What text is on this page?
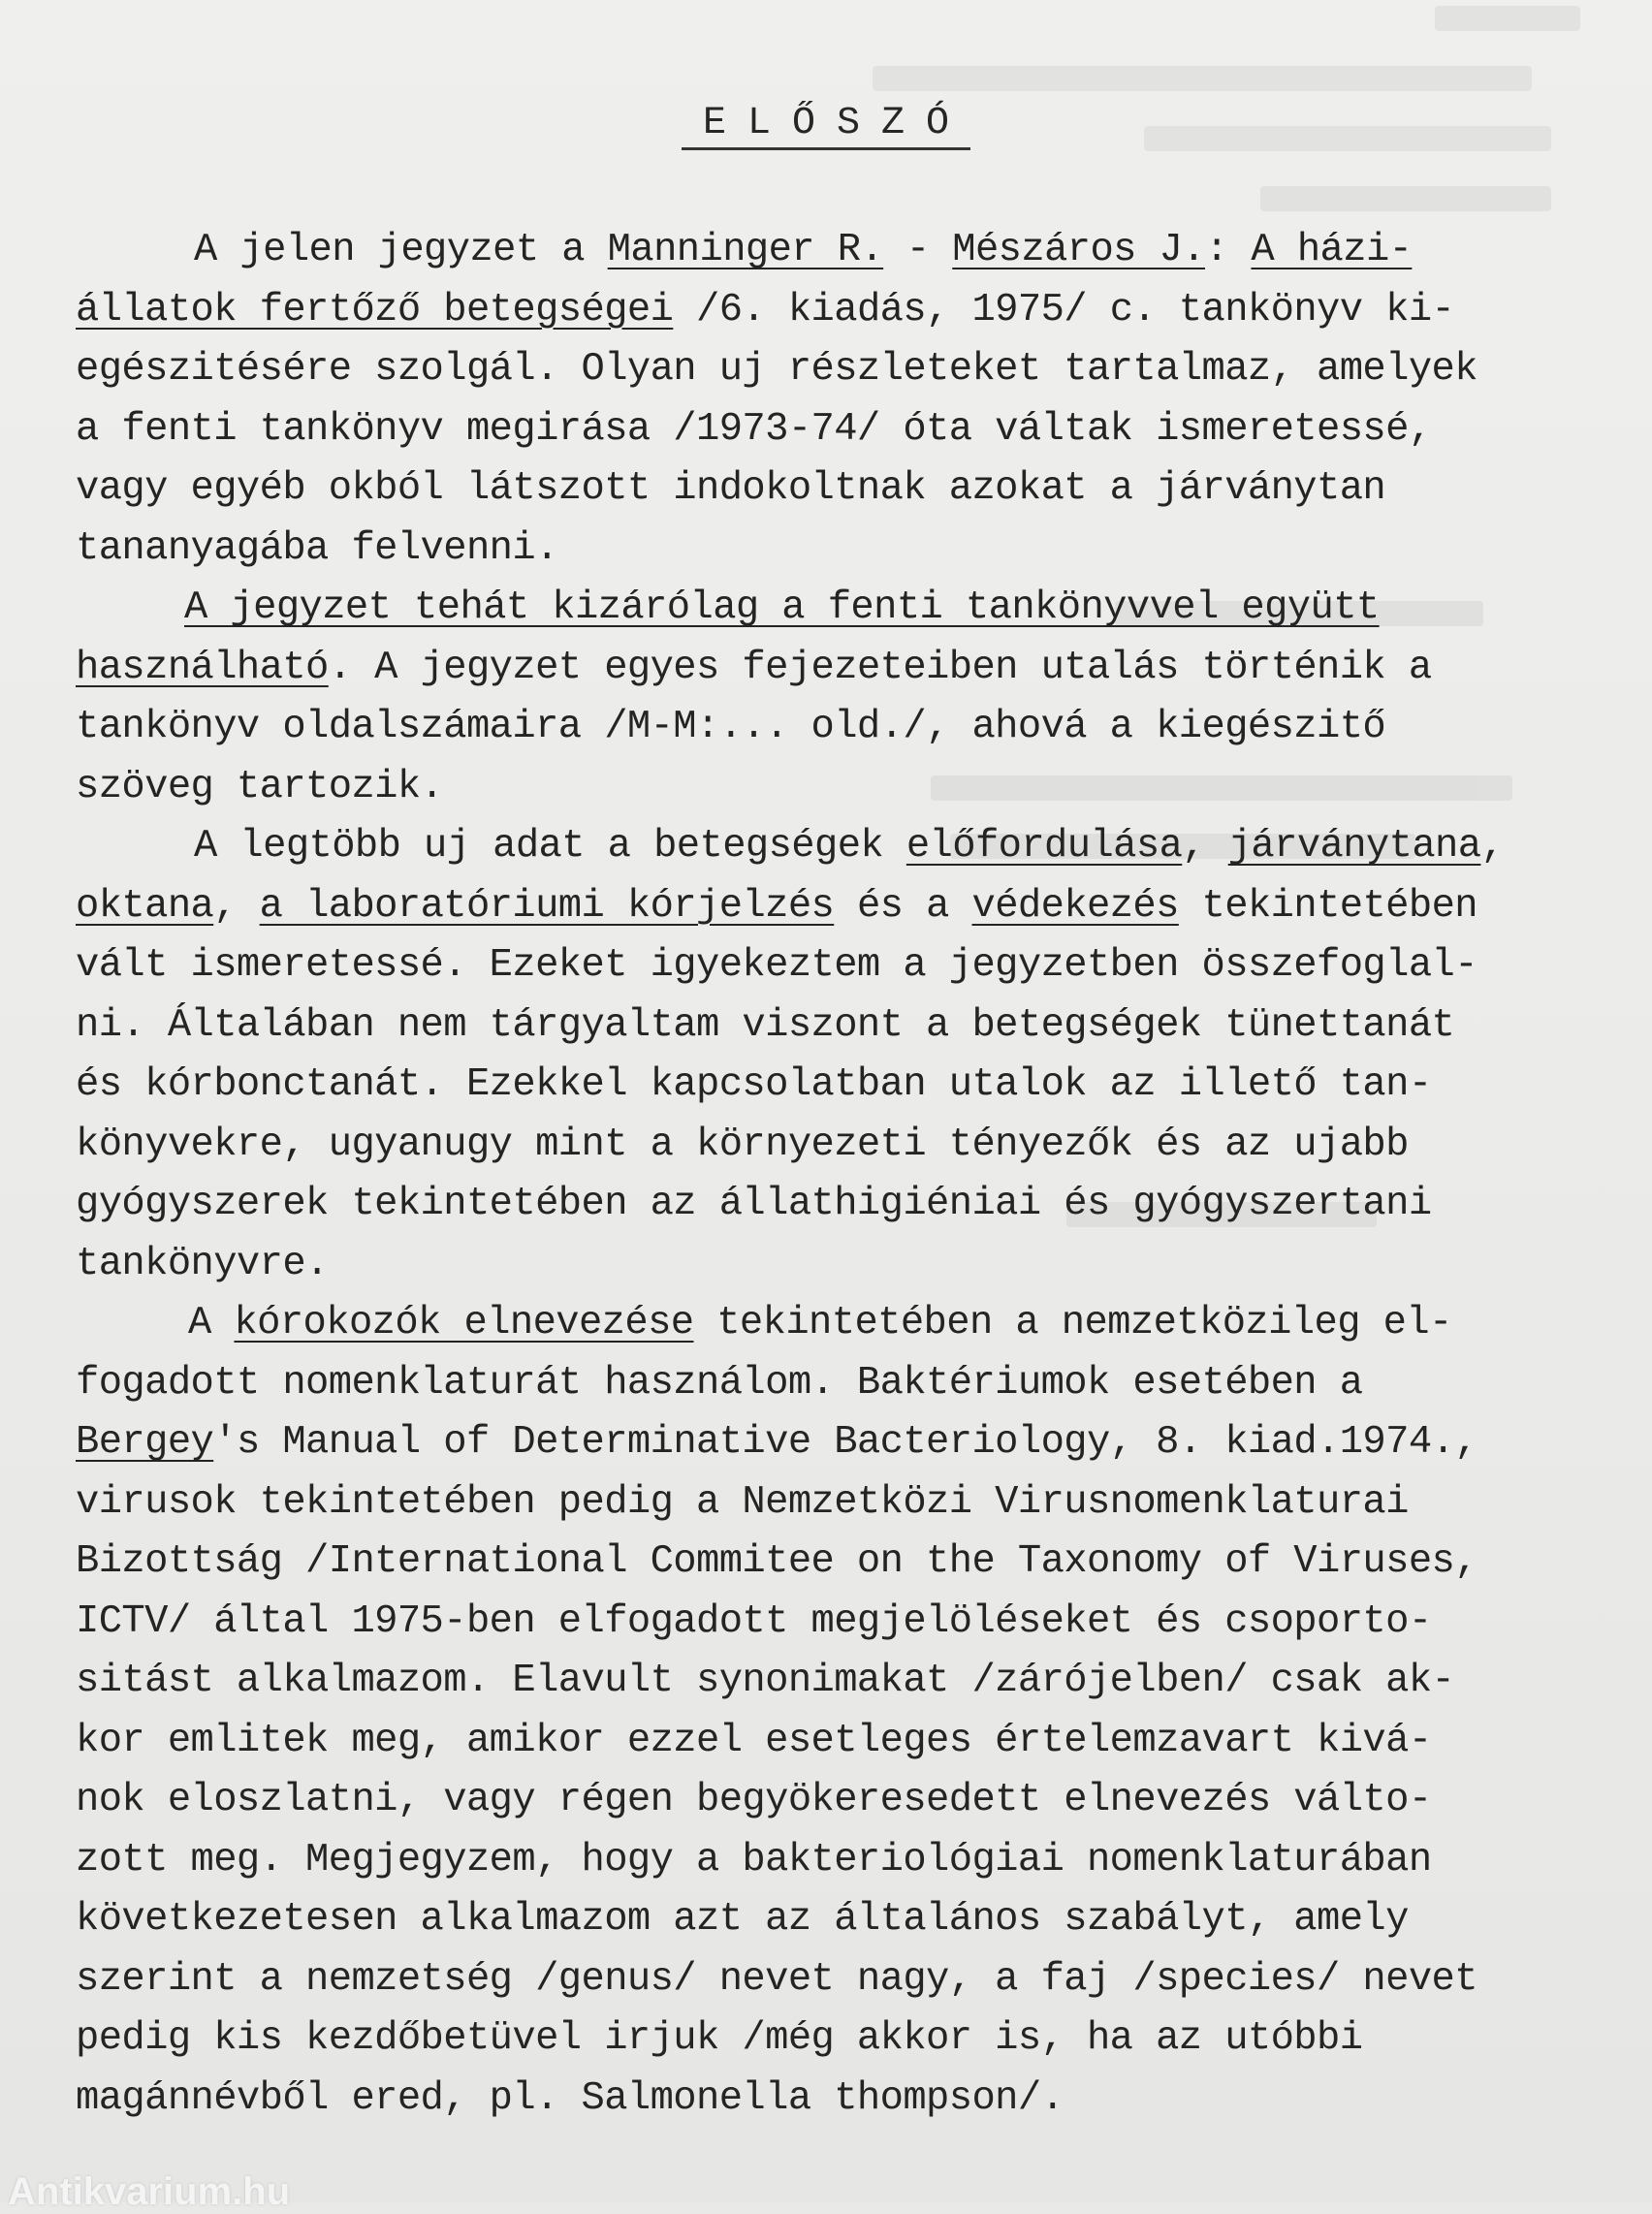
ELŐSZÓ
A jelen jegyzet a Manninger R. - Mészáros J.: A házi-
állatok fertőző betegségei /6. kiadás, 1975/ c. tankönyv ki-
egészitésére szolgál. Olyan uj részleteket tartalmaz, amelyek
a fenti tankönyv megirása /1973-74/ óta váltak ismeretessé,
vagy egyéb okból látszott indokoltnak azokat a járványtan
tananyagába felvenni.
A jegyzet tehát kizárólag a fenti tankönyvvel együtt
használható. A jegyzet egyes fejezeteiben utalás történik a
tankönyv oldalszámaira /M-M:... old./, ahová a kiegészitő
szöveg tartozik.
A legtöbb uj adat a betegségek előfordulása, járványtana,
oktana, a laboratóriumi kórjelzés és a védekezés tekintetében
vált ismeretessé. Ezeket igyekeztem a jegyzetben összefoglal-
ni. Általában nem tárgyaltam viszont a betegségek tünettanát
és kórbonctanát. Ezekkel kapcsolatban utalok az illető tan-
könyvekre, ugyanugy mint a környezeti tényezők és az ujabb
gyógyszerek tekintetében az állathigiéniai és gyógyszertani
tankönyvre.
A kórokozók elnevezése tekintetében a nemzetközileg el-
fogadott nomenklaturát használom. Baktériumok esetében a
Bergey's Manual of Determinative Bacteriology, 8. kiad.1974.,
virusok tekintetében pedig a Nemzetközi Virusnomenklaturai
Bizottság /International Commitee on the Taxonomy of Viruses,
ICTV/ által 1975-ben elfogadott megjelöléseket és csoporto-
sitást alkalmazom. Elavult synonimakat /zárójelben/ csak ak-
kor emlitek meg, amikor ezzel esetleges értelemzavart kivá-
nok eloszlatni, vagy régen begyökeresedett elnevezés válto-
zott meg. Megjegyzem, hogy a bakteriológiai nomenklaturában
következetesen alkalmazom azt az általános szabályt, amely
szerint a nemzetség /genus/ nevet nagy, a faj /species/ nevet
pedig kis kezdőbetüvel irjuk /még akkor is, ha az utóbbi
magánnévből ered, pl. Salmonella thompson/.
Antikvarium.hu
